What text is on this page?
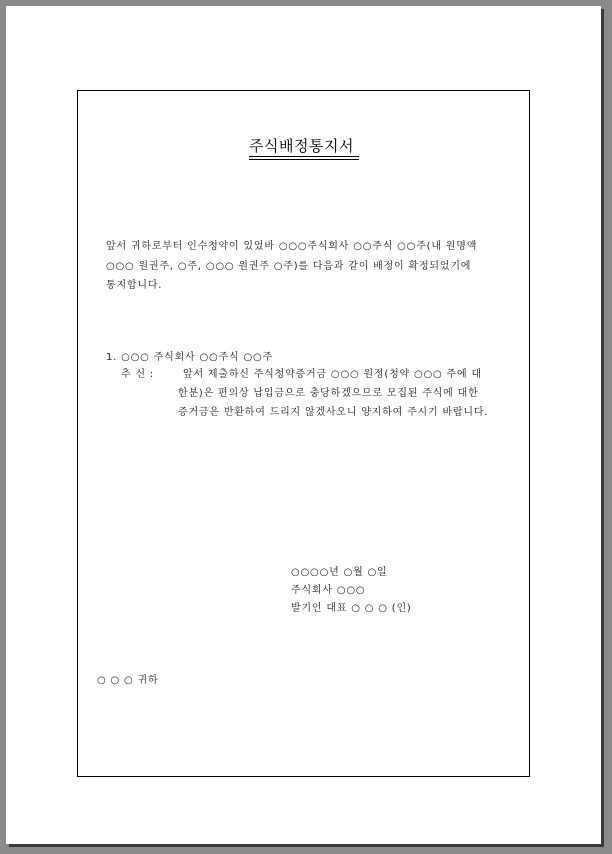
주식배정통지서
앞서 귀하로부터 인수청약이 있었바 ○○○주식회사 ○○주식 ○○주(내 원명액
○○○ 원권주, ○주, ○○○ 원권주 ○주)를 다음과 같이 배정이 확정되었기에
통지합니다.
1. ○○○ 주식회사 ○○주식 ○○주
추 신 :	앞서 제출하신 주식청약증거금 ○○○ 원정(청약 ○○○ 주에 대
한분)은 편의상 납입금으로 충당하겠으므로 모집된 주식에 대한
증거금은 반환하여 드리지 않겠사오니 양지하여 주시기 바랍니다.
○○○○년 ○월 ○일
주식회사 ○○○
발기인 대표 ○ ○ ○ (인)
○ ○ ○ 귀하
